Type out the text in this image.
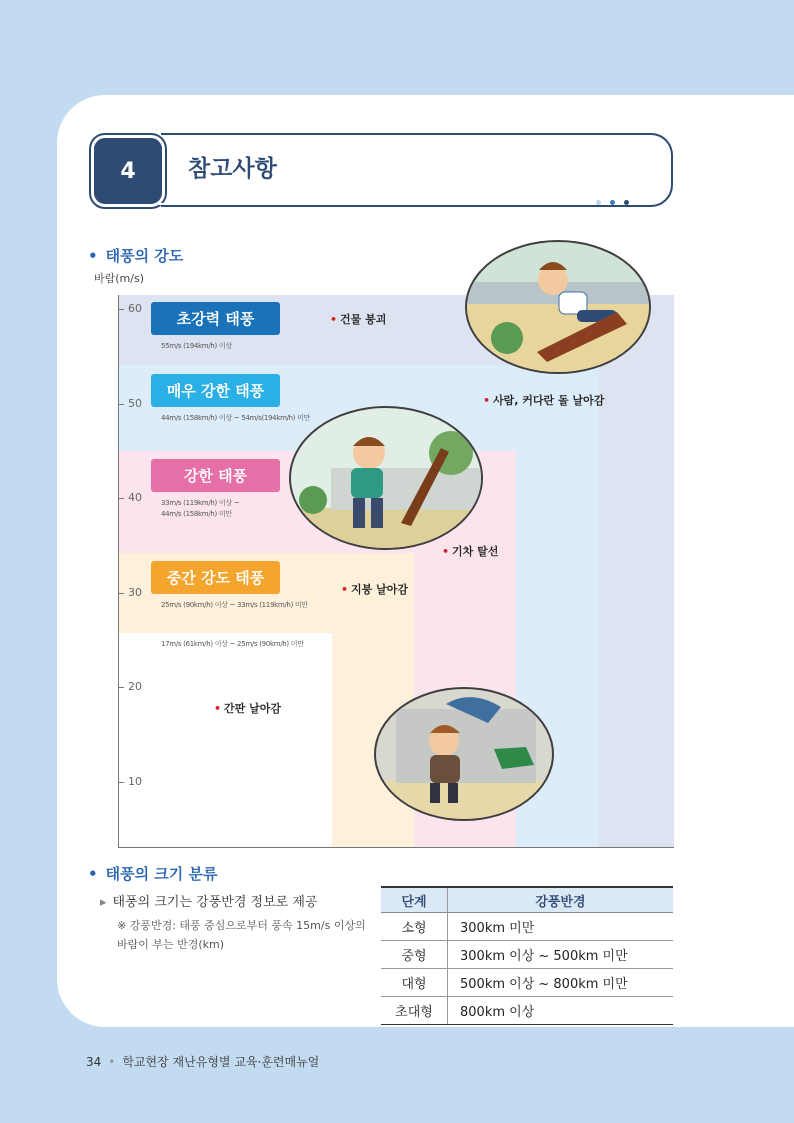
4	참고사항
• 태풍의 강도
바람(m/s)
60
50
40
30
20
10
초강력 태풍
55m/s (194km/h) 이상
매우 강한 태풍
44m/s (158km/h) 이상 ~ 54m/s(194km/h) 미만
강한 태풍
33m/s (119km/h) 이상 ~
44m/s (158km/h) 미만
중간 강도 태풍
25m/s (90km/h) 이상 ~ 33m/s (119km/h) 미만
17m/s (61km/h) 이상 ~ 25m/s (90km/h) 미만
• 건물 붕괴
• 사람, 커다란 돌 날아감
• 기차 탈선
• 지붕 날아감
• 간판 날아감
• 태풍의 크기 분류
▸ 태풍의 크기는 강풍반경 정보로 제공
※ 강풍반경: 태풍 중심으로부터 풍속 15m/s 이상의 바람이 부는 반경(km)
단계	강풍반경
소형	300km 미만
중형	300km 이상 ~ 500km 미만
대형	500km 이상 ~ 800km 미만
초대형	800km 이상
34 • 학교현장 재난유형별 교육·훈련매뉴얼
